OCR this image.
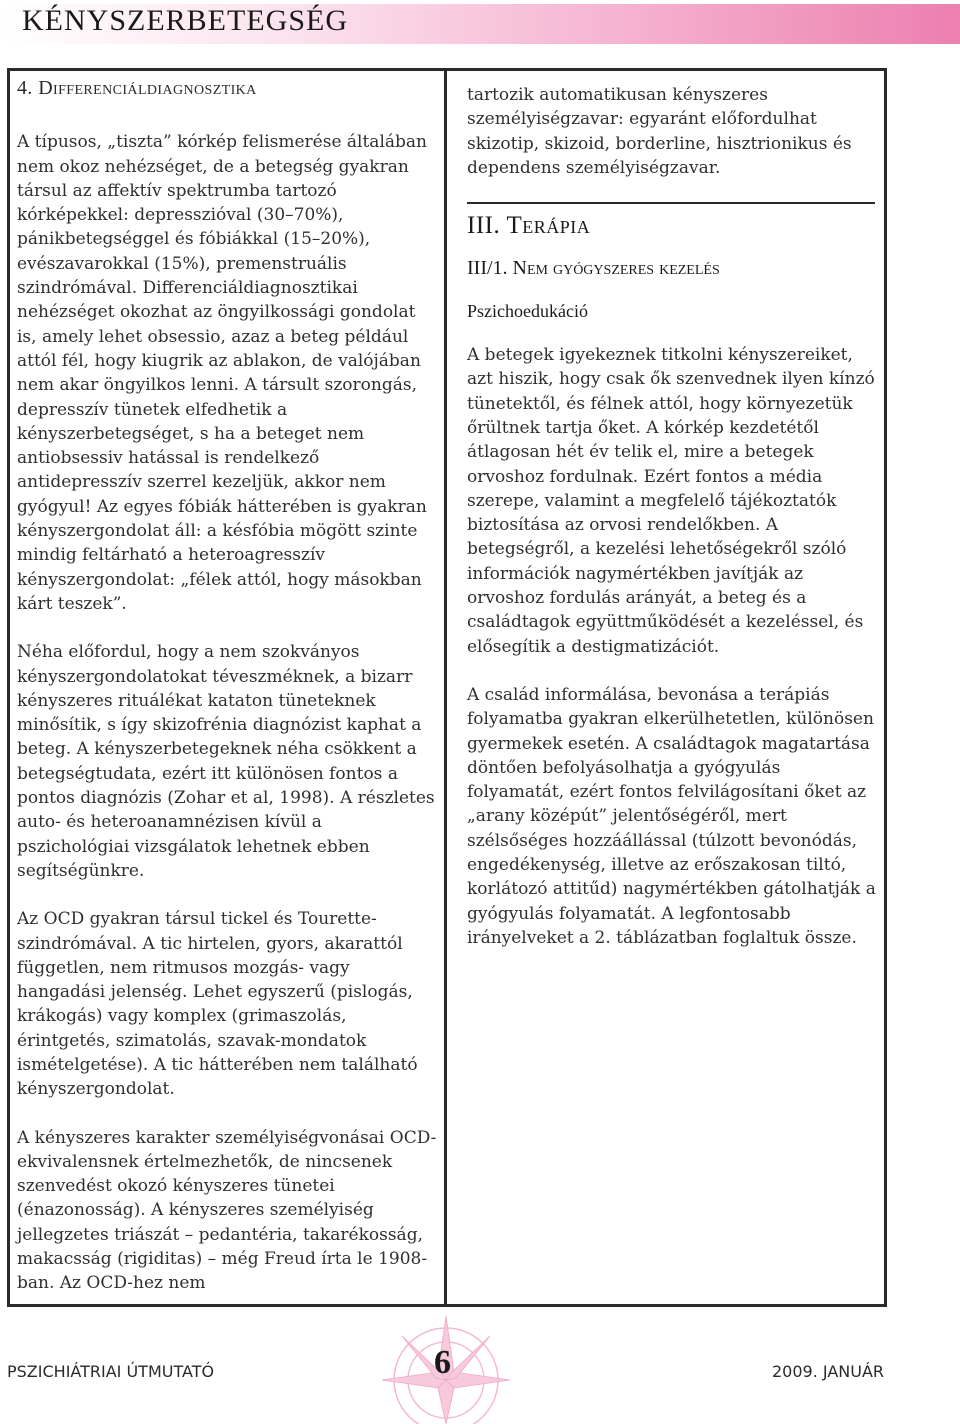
KÉNYSZERBETEGSÉG
4. Differenciáldiagnosztika

A típusos, „tiszta” kórkép felismerése általában nem okoz nehézséget, de a betegség gyakran társul az affektív spektrumba tartozó kórképekkel: depresszióval (30–70%), pánikbetegséggel és fóbiákkal (15–20%), evészavarokkal (15%), premenstruális szindrómával. Differenciáldiagnosztikai nehézséget okozhat az öngyilkossági gondolat is, amely lehet obsessio, azaz a beteg például attól fél, hogy kiugrik az ablakon, de valójában nem akar öngyilkos lenni. A társult szorongás, depresszív tünetek elfedhetik a kényszerbetegséget, s ha a beteget nem antiobsessiv hatással is rendelkező antidepresszív szerrel kezeljük, akkor nem gyógyul! Az egyes fóbiák hátterében is gyakran kényszergondolat áll: a késfóbia mögött szinte mindig feltárható a heteroagresszív kényszergondolat: „félek attól, hogy másokban kárt teszek”.

Néha előfordul, hogy a nem szokványos kényszergondolatokat téveszméknek, a bizarr kényszeres rituálékat kataton tüneteknek minősítik, s így skizofrénia diagnózist kaphat a beteg. A kényszerbetegeknek néha csökkent a betegségtudata, ezért itt különösen fontos a pontos diagnózis (Zohar et al, 1998). A részletes auto- és heteroanamnézisen kívül a pszichológiai vizsgálatok lehetnek ebben segítségünkre.

Az OCD gyakran társul tickel és Tourette-szindrómával. A tic hirtelen, gyors, akarattól független, nem ritmusos mozgás- vagy hangadási jelenség. Lehet egyszerű (pislogás, krákogás) vagy komplex (grimaszolás, érintgetés, szimatolás, szavak-mondatok ismételgetése). A tic hátterében nem található kényszergondolat.

A kényszeres karakter személyiségvonásai OCD-ekvivalensnek értelmezhetők, de nincsenek szenvedést okozó kényszeres tünetei (énazonosság). A kényszeres személyiség jellegzetes triászát – pedantéria, takarékosság, makacsság (rigiditas) – még Freud írta le 1908-ban. Az OCD-hez nem

tartozik automatikusan kényszeres személyiségzavar: egyaránt előfordulhat skizotip, skizoid, borderline, hisztrionikus és dependens személyiségzavar.

III. Terápia
III/1. Nem gyógyszeres kezelés
Pszichoedukáció

A betegek igyekeznek titkolni kényszereiket, azt hiszik, hogy csak ők szenvednek ilyen kínzó tünetektől, és félnek attól, hogy környezetük őrültnek tartja őket. A kórkép kezdetétől átlagosan hét év telik el, mire a betegek orvoshoz fordulnak. Ezért fontos a média szerepe, valamint a megfelelő tájékoztatók biztosítása az orvosi rendelőkben. A betegségről, a kezelési lehetőségekről szóló információk nagymértékben javítják az orvoshoz fordulás arányát, a beteg és a családtagok együttműködését a kezeléssel, és elősegítik a destigmatizációt.

A család informálása, bevonása a terápiás folyamatba gyakran elkerülhetetlen, különösen gyermekek esetén. A családtagok magatartása döntően befolyásolhatja a gyógyulás folyamatát, ezért fontos felvilágosítani őket az „arany középút” jelentőségéről, mert szélsőséges hozzáállással (túlzott bevonódás, engedékenység, illetve az erőszakosan tiltó, korlátozó attitűd) nagymértékben gátolhatják a gyógyulás folyamatát. A legfontosabb irányelveket a 2. táblázatban foglaltuk össze.

PSZICHIÁTRIAI ÚTMUTATÓ	6	2009. JANUÁR
